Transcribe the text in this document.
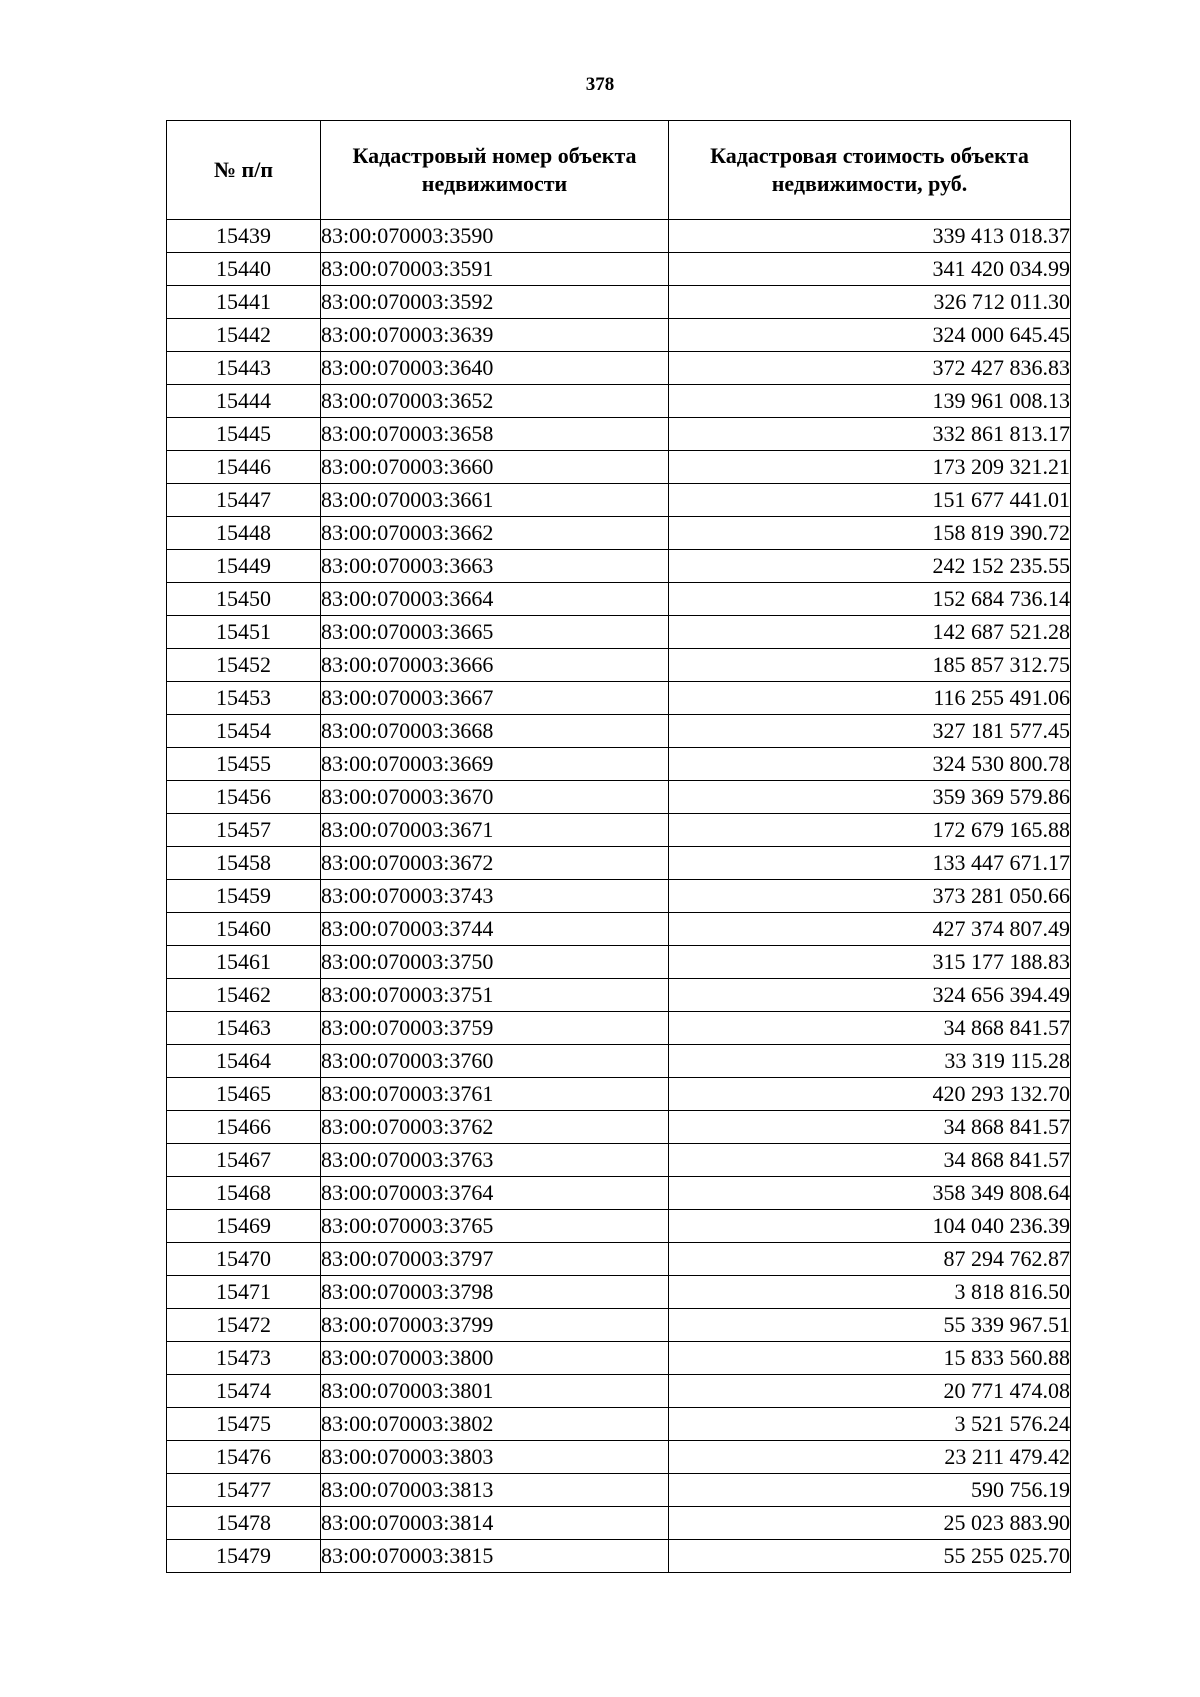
378
№ п/п	Кадастровый номер объекта недвижимости	Кадастровая стоимость объекта недвижимости, руб.
15439	83:00:070003:3590	339 413 018.37
15440	83:00:070003:3591	341 420 034.99
15441	83:00:070003:3592	326 712 011.30
15442	83:00:070003:3639	324 000 645.45
15443	83:00:070003:3640	372 427 836.83
15444	83:00:070003:3652	139 961 008.13
15445	83:00:070003:3658	332 861 813.17
15446	83:00:070003:3660	173 209 321.21
15447	83:00:070003:3661	151 677 441.01
15448	83:00:070003:3662	158 819 390.72
15449	83:00:070003:3663	242 152 235.55
15450	83:00:070003:3664	152 684 736.14
15451	83:00:070003:3665	142 687 521.28
15452	83:00:070003:3666	185 857 312.75
15453	83:00:070003:3667	116 255 491.06
15454	83:00:070003:3668	327 181 577.45
15455	83:00:070003:3669	324 530 800.78
15456	83:00:070003:3670	359 369 579.86
15457	83:00:070003:3671	172 679 165.88
15458	83:00:070003:3672	133 447 671.17
15459	83:00:070003:3743	373 281 050.66
15460	83:00:070003:3744	427 374 807.49
15461	83:00:070003:3750	315 177 188.83
15462	83:00:070003:3751	324 656 394.49
15463	83:00:070003:3759	34 868 841.57
15464	83:00:070003:3760	33 319 115.28
15465	83:00:070003:3761	420 293 132.70
15466	83:00:070003:3762	34 868 841.57
15467	83:00:070003:3763	34 868 841.57
15468	83:00:070003:3764	358 349 808.64
15469	83:00:070003:3765	104 040 236.39
15470	83:00:070003:3797	87 294 762.87
15471	83:00:070003:3798	3 818 816.50
15472	83:00:070003:3799	55 339 967.51
15473	83:00:070003:3800	15 833 560.88
15474	83:00:070003:3801	20 771 474.08
15475	83:00:070003:3802	3 521 576.24
15476	83:00:070003:3803	23 211 479.42
15477	83:00:070003:3813	590 756.19
15478	83:00:070003:3814	25 023 883.90
15479	83:00:070003:3815	55 255 025.70
